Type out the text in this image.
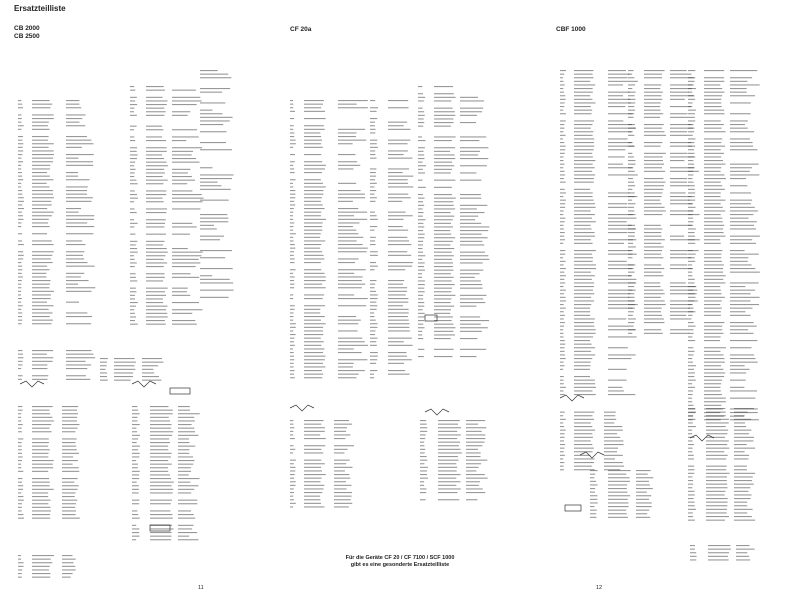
Ersatzteilliste
CB 2000
CB 2500
CF 20a	CBF 1000
Für die Geräte CF 20 / CF 7100 / SCF 1000
gibt es eine gesonderte Ersatzteilliste
11	12
